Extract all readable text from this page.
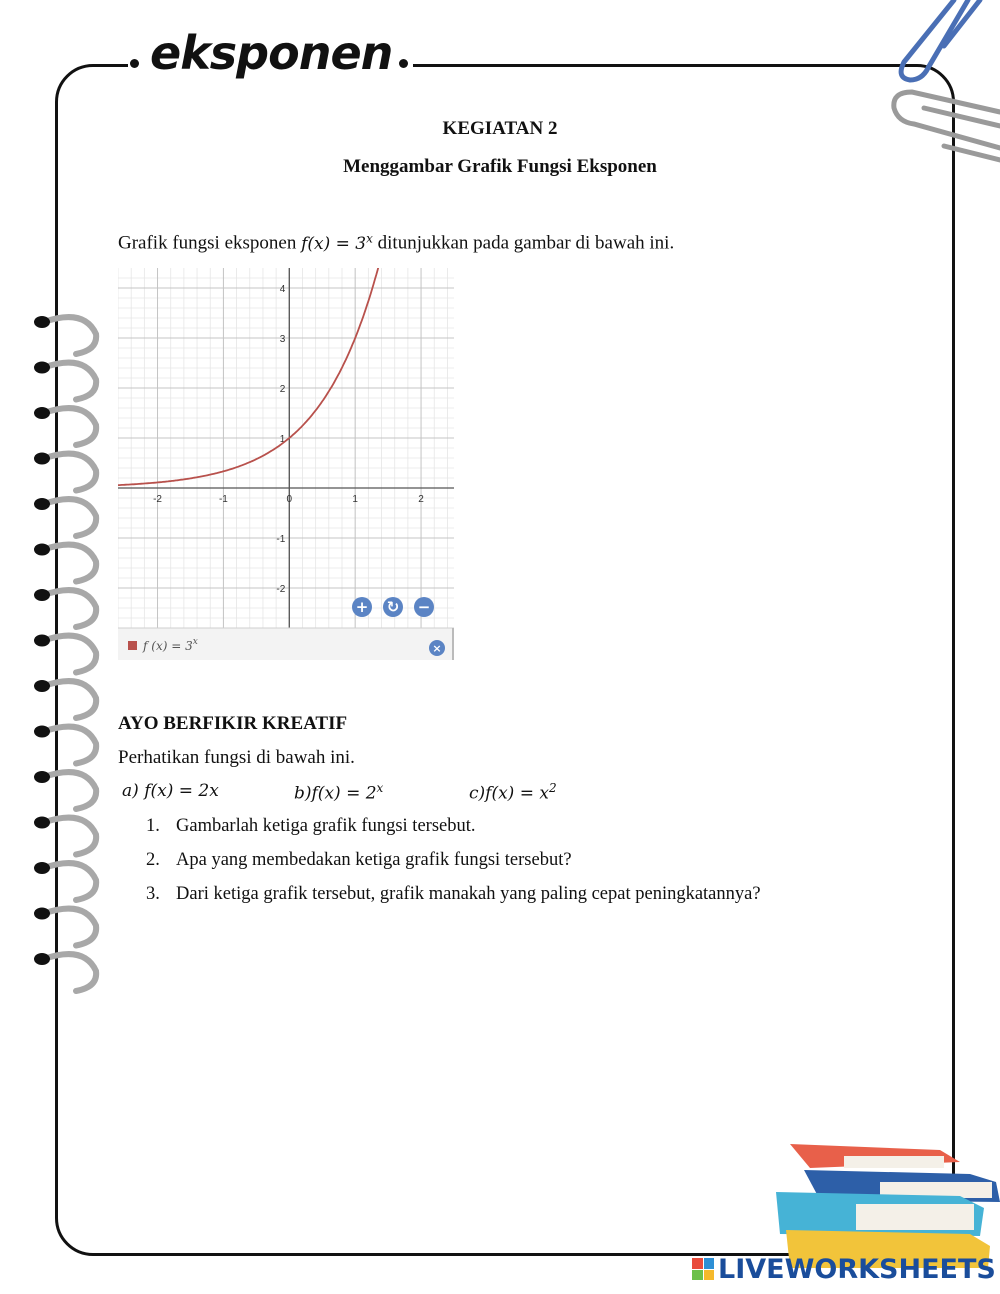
eksponen
KEGIATAN 2
Menggambar Grafik Fungsi Eksponen
Grafik fungsi eksponen $f(x) = 3^x$ ditunjukkan pada gambar di bawah ini.
-2	-1	0	1	2
-2
-1
1
2
3
4
+ ↻ −
f $(x) = 3^x$	×
AYO BERFIKIR KREATIF
Perhatikan fungsi di bawah ini.
a) f(x) = 2x	$b)f(x) = 2^x$	$c)f(x) = x^2$
1. Gambarlah ketiga grafik fungsi tersebut.
2. Apa yang membedakan ketiga grafik fungsi tersebut?
3. Dari ketiga grafik tersebut, grafik manakah yang paling cepat peningkatannya?
LIVEWORKSHEETS
